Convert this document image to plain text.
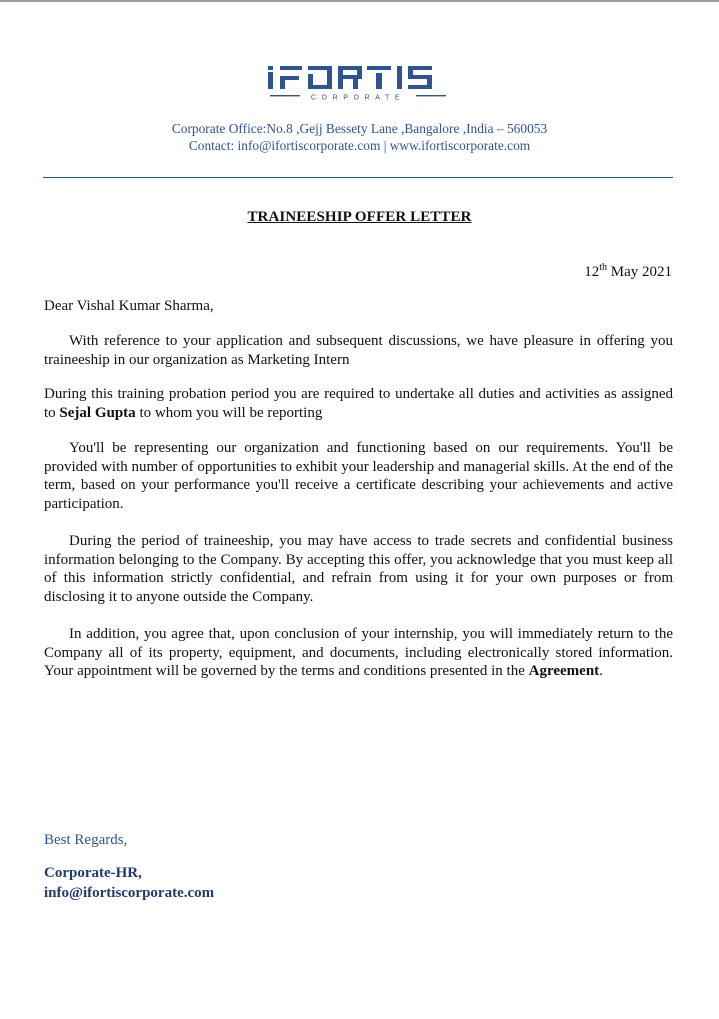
CORPORATE
Corporate Office:No.8 ,Gejj Bessety Lane ,Bangalore ,India – 560053
Contact: info@ifortiscorporate.com | www.ifortiscorporate.com
TRAINEESHIP OFFER LETTER
12th May 2021
Dear Vishal Kumar Sharma,

With reference to your application and subsequent discussions, we have pleasure in offering you traineeship in our organization as Marketing Intern

During this training probation period you are required to undertake all duties and activities as assigned to Sejal Gupta to whom you will be reporting

You'll be representing our organization and functioning based on our requirements. You'll be provided with number of opportunities to exhibit your leadership and managerial skills. At the end of the term, based on your performance you'll receive a certificate describing your achievements and active participation.

During the period of traineeship, you may have access to trade secrets and confidential business information belonging to the Company. By accepting this offer, you acknowledge that you must keep all of this information strictly confidential, and refrain from using it for your own purposes or from disclosing it to anyone outside the Company.

In addition, you agree that, upon conclusion of your internship, you will immediately return to the Company all of its property, equipment, and documents, including electronically stored information. Your appointment will be governed by the terms and conditions presented in the Agreement.

Best Regards,
Corporate-HR,
info@ifortiscorporate.com
